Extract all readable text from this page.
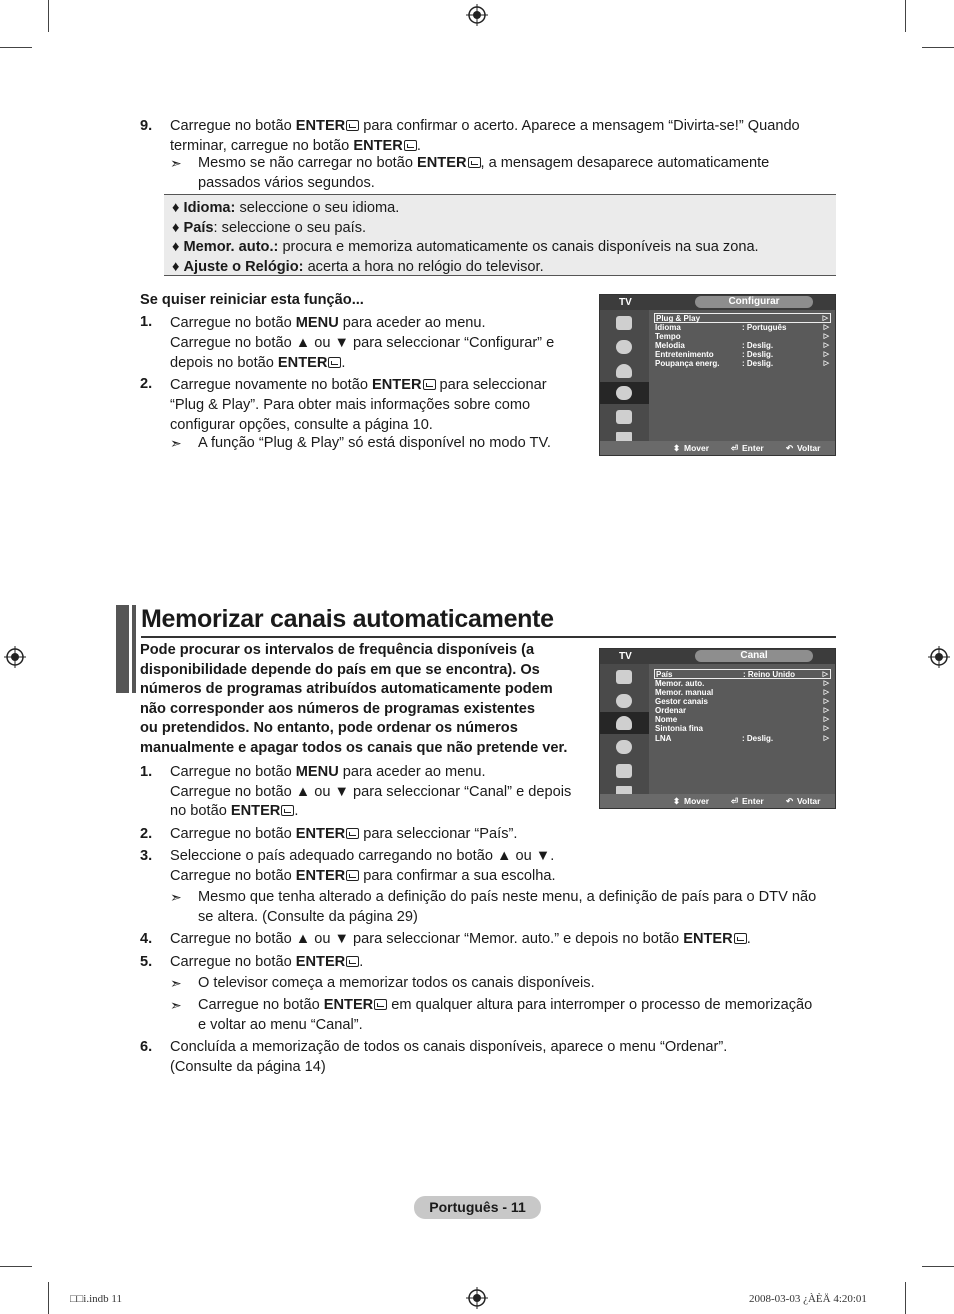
9. Carregue no botão ENTER para confirmar o acerto. Aparece a mensagem “Divirta-se!” Quando
terminar, carregue no botão ENTER .
➣ Mesmo se não carregar no botão ENTER , a mensagem desaparece automaticamente
passados vários segundos.
♦ Idioma: seleccione o seu idioma.
♦ País: seleccione o seu país.
♦ Memor. auto.: procura e memoriza automaticamente os canais disponíveis na sua zona.
♦ Ajuste o Relógio: acerta a hora no relógio do televisor.
Se quiser reiniciar esta função...
1. Carregue no botão MENU para aceder ao menu.
Carregue no botão ▲ ou ▼ para seleccionar “Configurar” e
depois no botão ENTER .
2. Carregue novamente no botão ENTER para seleccionar
“Plug & Play”. Para obter mais informações sobre como
configurar opções, consulte a página 10.
➣ A função “Plug & Play” só está disponível no modo TV.
TV	Configurar
Plug & Play	▷
Idioma	: Português	▷
Tempo	▷
Melodia	: Deslig.	▷
Entretenimento	: Deslig.	▷
Poupança energ.	: Deslig.	▷
⬍ Mover	⏎ Enter	↶ Voltar
Memorizar canais automaticamente
Pode procurar os intervalos de frequência disponíveis (a
disponibilidade depende do país em que se encontra). Os
números de programas atribuídos automaticamente podem
não corresponder aos números de programas existentes
ou pretendidos. No entanto, pode ordenar os números
manualmente e apagar todos os canais que não pretende ver.
1. Carregue no botão MENU para aceder ao menu.
Carregue no botão ▲ ou ▼ para seleccionar “Canal” e depois
no botão ENTER .
2. Carregue no botão ENTER para seleccionar “País”.
3. Seleccione o país adequado carregando no botão ▲ ou ▼.
Carregue no botão ENTER para confirmar a sua escolha.
➣ Mesmo que tenha alterado a definição do país neste menu, a definição de país para o DTV não
se altera. (Consulte da página 29)
4. Carregue no botão ▲ ou ▼ para seleccionar “Memor. auto.” e depois no botão ENTER .
5. Carregue no botão ENTER .
➣ O televisor começa a memorizar todos os canais disponíveis.
➣ Carregue no botão ENTER em qualquer altura para interromper o processo de memorização
e voltar ao menu “Canal”.
6. Concluída a memorização de todos os canais disponíveis, aparece o menu “Ordenar”.
(Consulte da página 14)
TV	Canal
País	: Reino Unido	▷
Memor. auto.	▷
Memor. manual	▷
Gestor canais	▷
Ordenar	▷
Nome	▷
Sintonia fina	▷
LNA	: Deslig.	▷
⬍ Mover	⏎ Enter	↶ Voltar
Português - 11
□□i.indb 11	2008-03-03 ¿ÀÈÄ 4:20:01
